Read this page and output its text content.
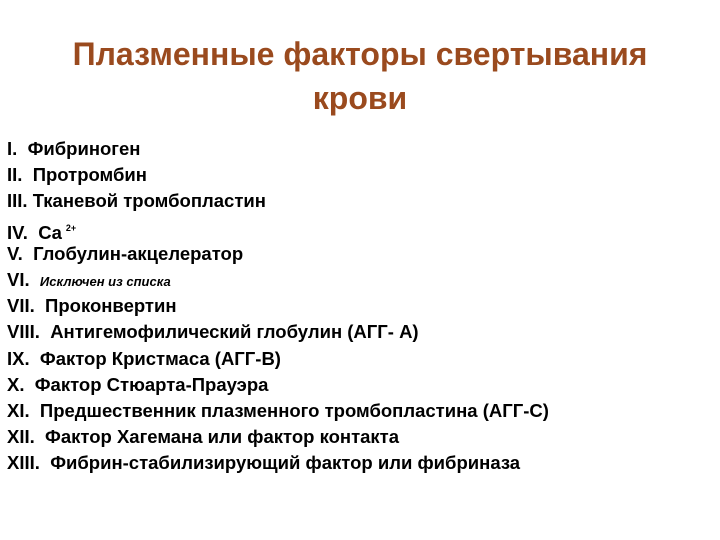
Плазменные факторы свертывания
крови
I. Фибриноген
II. Протромбин
III. Тканевой тромбопластин
IV. Ca $^{2+}$
V. Глобулин-акцелератор
VI. Исключен из списка
VII. Проконвертин
VIII. Антигемофилический глобулин (АГГ- А)
IX. Фактор Кристмаса (АГГ-В)
X. Фактор Стюарта-Прауэра
XI. Предшественник плазменного тромбопластина (АГГ-С)
XII. Фактор Хагемана или фактор контакта
XIII. Фибрин-стабилизирующий фактор или фибриназа
